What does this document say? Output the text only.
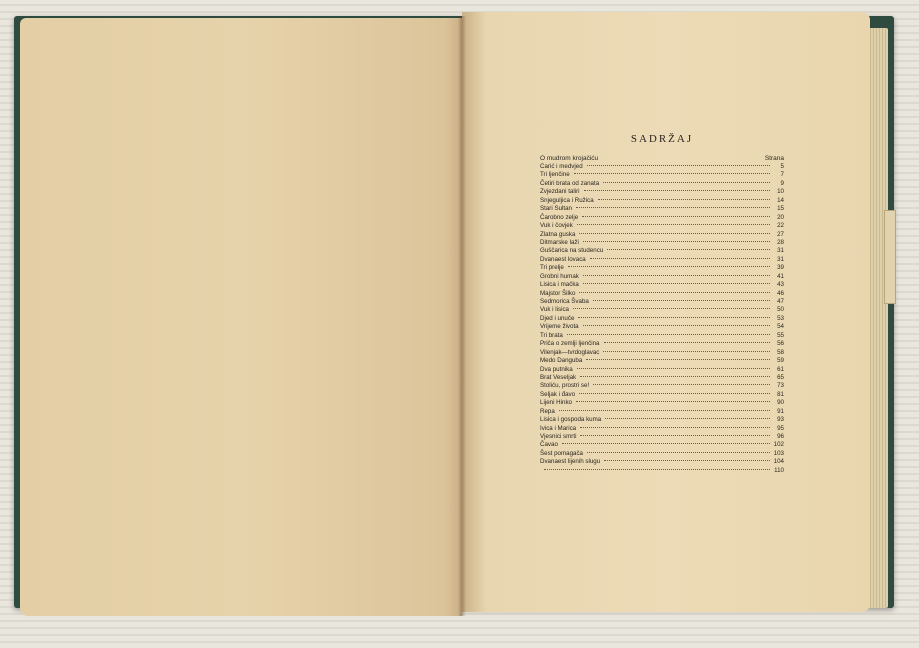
SADRŽAJ
O mudrom krojačiću	Strana
Carić i medvjed	5
Tri ljenčine	7
Četiri brata od zanata	9
Zvjezdani taliri	10
Snjeguljica i Ružica	14
Stari Sultan	15
Čarobno zelje	20
Vuk i čovjek	22
Zlatna guska	27
Ditmarske laži	28
Guščarica na studencu	31
Dvanaest lovaca	31
Tri prelje	39
Grobni humak	41
Lisica i mačka	43
Majstor Šilko	46
Sedmorica Švaba	47
Vuk i lisica	50
Djed i unuče	53
Vrijeme života	54
Tri brata	55
Priča o zemlji ljenčina	56
Vilenjak—tvrdoglavac	58
Medo Danguba	59
Dva putnika	61
Brat Veseljak	65
Stoliću, prostri se!	73
Seljak i đavo	81
Lijeni Hinko	90
Repa	91
Lisica i gospoda kuma	93
Ivica i Marica	95
Vjesnici smrti	96
Čavao	102
Šest pomagača	103
Dvanaest lijenih slugu	104
110
